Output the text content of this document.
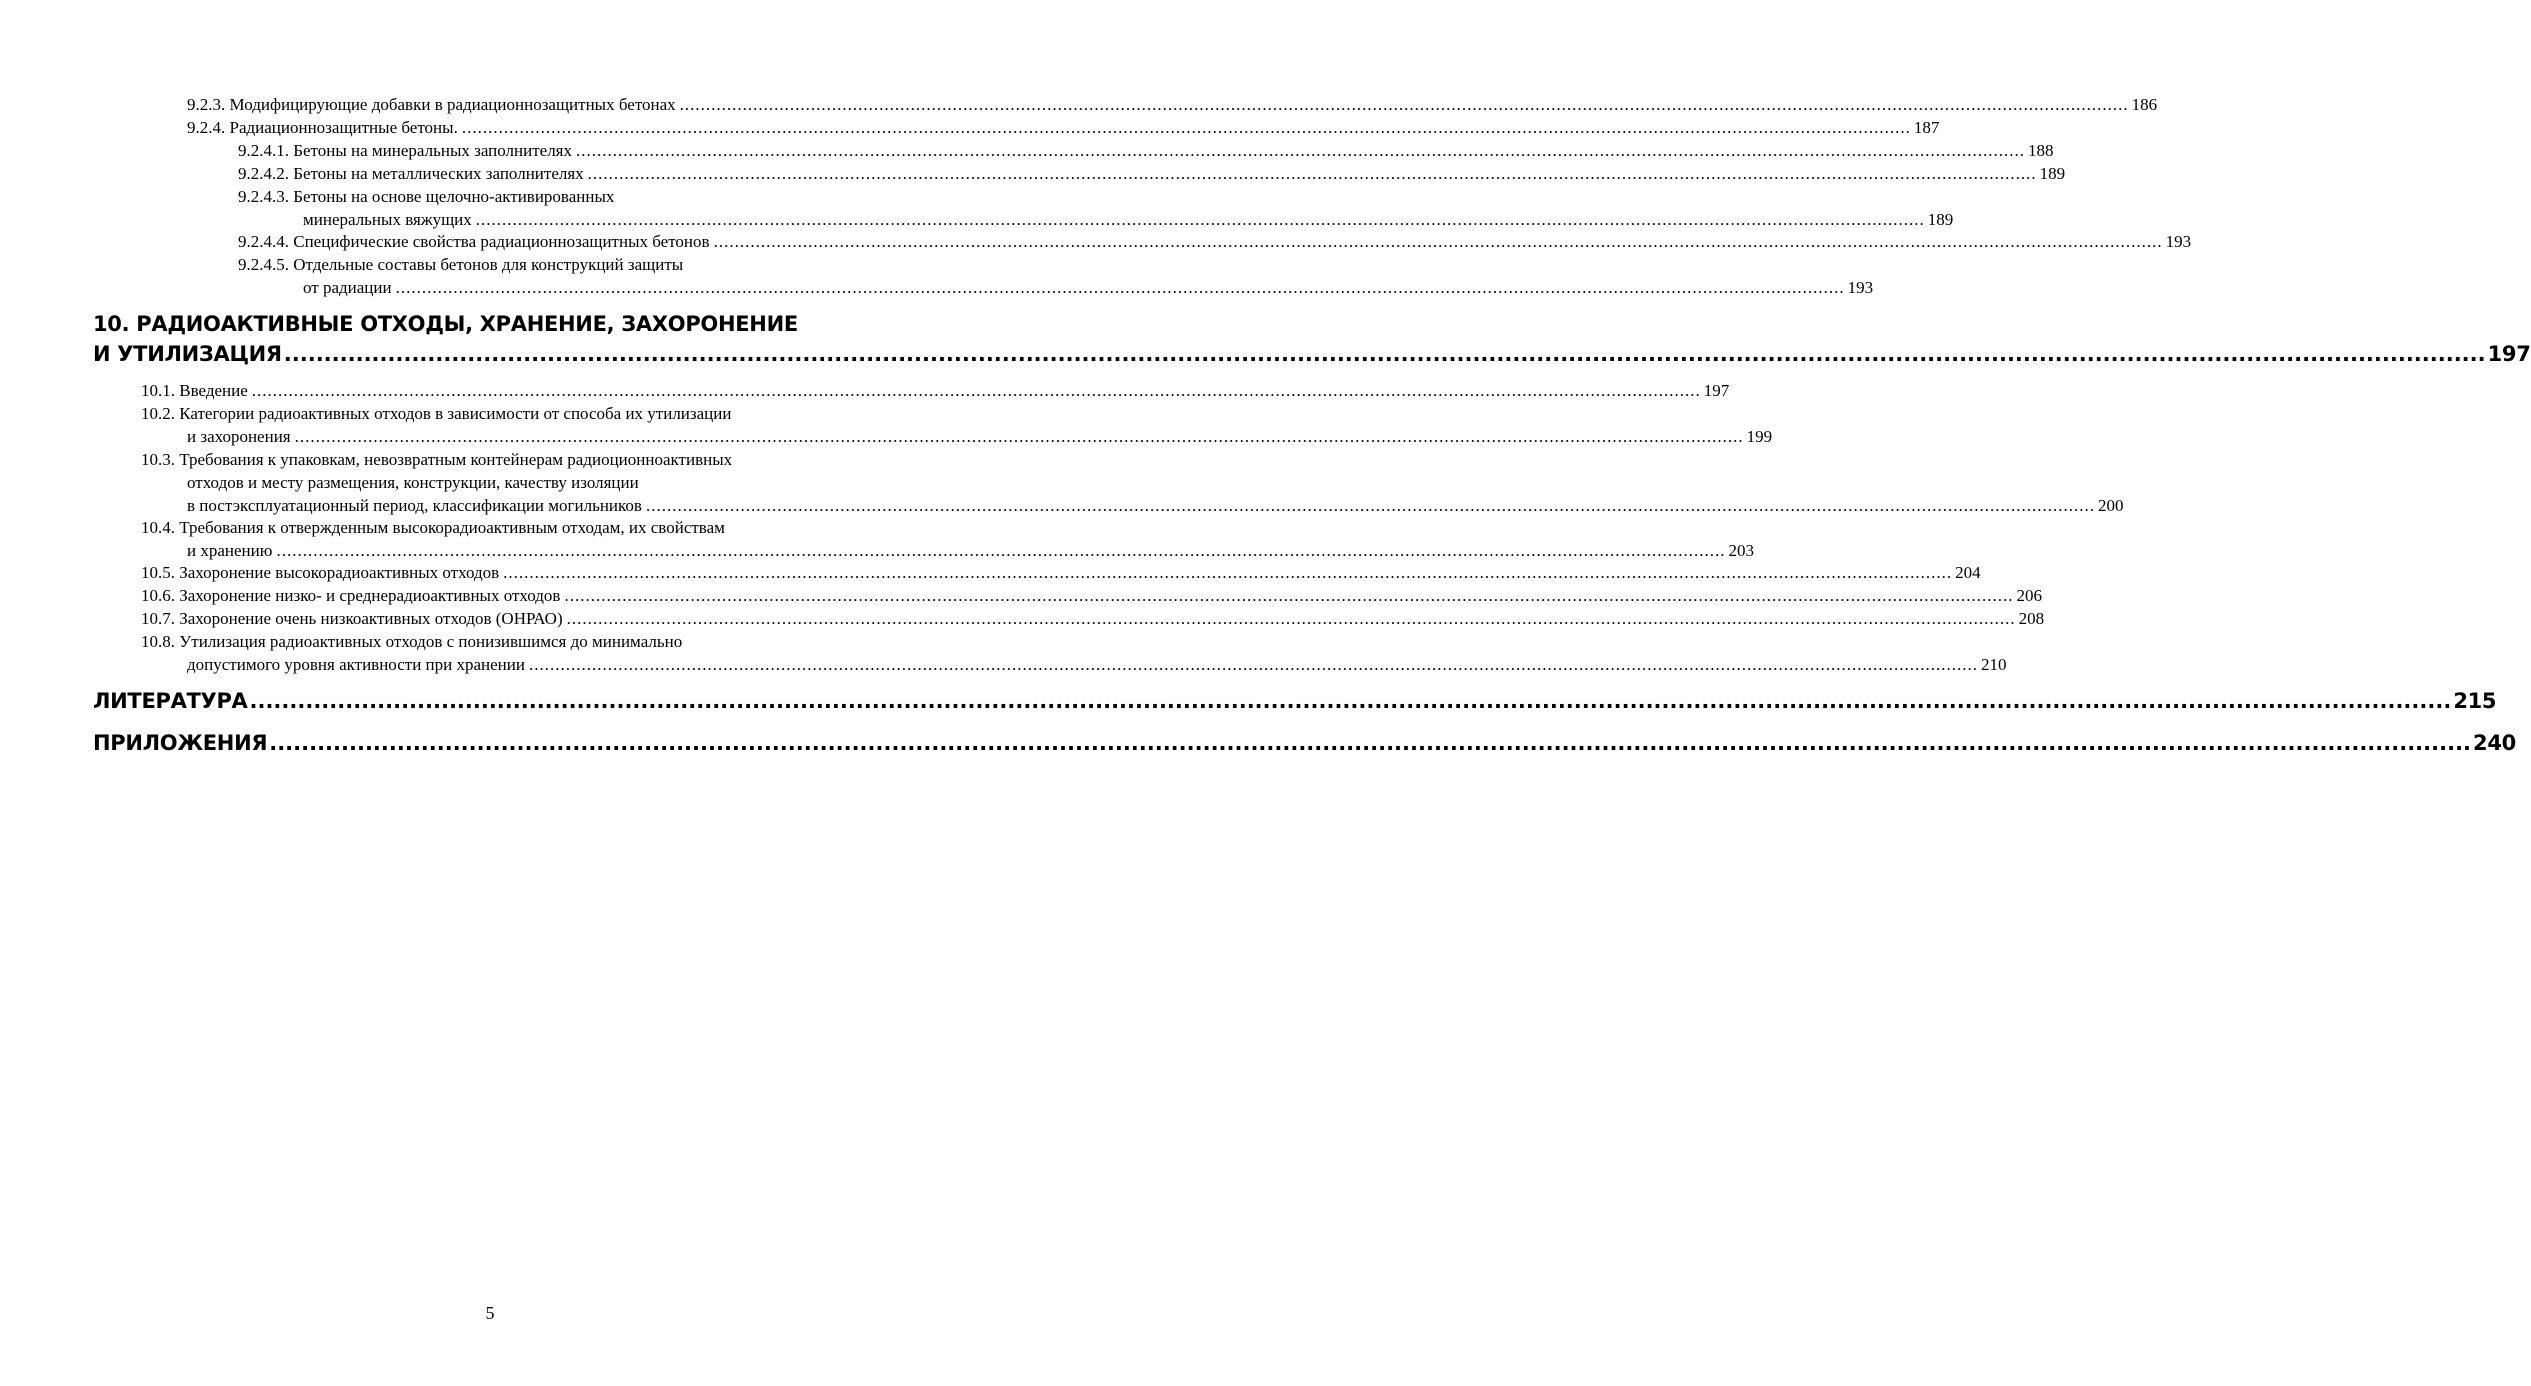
9.2.3. Модифицирующие добавки в радиационнозащитных бетонах .................................................................................................................................................................................................................................................................................... 186
9.2.4. Радиационнозащитные бетоны. .................................................................................................................................................................................................................................................................................... 187
9.2.4.1. Бетоны на минеральных заполнителях .................................................................................................................................................................................................................................................................................... 188
9.2.4.2. Бетоны на металлических заполнителях .................................................................................................................................................................................................................................................................................... 189
9.2.4.3. Бетоны на основе щелочно-активированных
минеральных вяжущих .................................................................................................................................................................................................................................................................................... 189
9.2.4.4. Специфические свойства радиационнозащитных бетонов .................................................................................................................................................................................................................................................................................... 193
9.2.4.5. Отдельные составы бетонов для конструкций защиты
от радиации .................................................................................................................................................................................................................................................................................... 193
10. РАДИОАКТИВНЫЕ ОТХОДЫ, ХРАНЕНИЕ, ЗАХОРОНЕНИЕ
И УТИЛИЗАЦИЯ .................................................................................................................................................................................................................................................................................... 197
10.1. Введение .................................................................................................................................................................................................................................................................................... 197
10.2. Категории радиоактивных отходов в зависимости от способа их утилизации
и захоронения .................................................................................................................................................................................................................................................................................... 199
10.3. Требования к упаковкам, невозвратным контейнерам радиоционноактивных
отходов и месту размещения, конструкции, качеству изоляции
в постэксплуатационный период, классификации могильников .................................................................................................................................................................................................................................................................................... 200
10.4. Требования к отвержденным высокорадиоактивным отходам, их свойствам
и хранению .................................................................................................................................................................................................................................................................................... 203
10.5. Захоронение высокорадиоактивных отходов .................................................................................................................................................................................................................................................................................... 204
10.6. Захоронение низко- и среднерадиоактивных отходов .................................................................................................................................................................................................................................................................................... 206
10.7. Захоронение очень низкоактивных отходов (ОНРАО) .................................................................................................................................................................................................................................................................................... 208
10.8. Утилизация радиоактивных отходов с понизившимся до минимально
допустимого уровня активности при хранении .................................................................................................................................................................................................................................................................................... 210
ЛИТЕРАТУРА .................................................................................................................................................................................................................................................................................... 215
ПРИЛОЖЕНИЯ .................................................................................................................................................................................................................................................................................... 240
5
